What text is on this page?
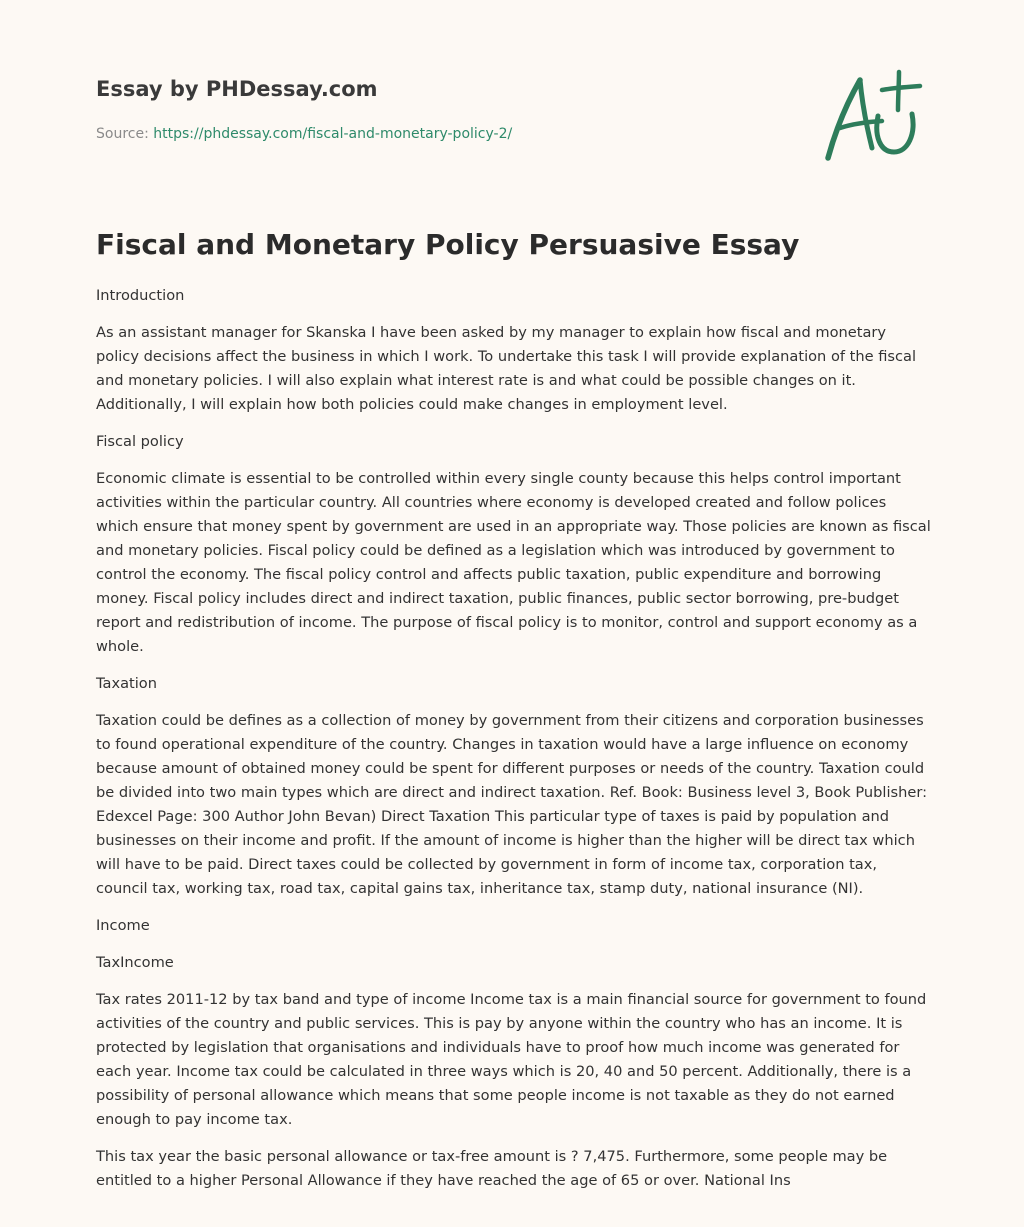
Essay by PHDessay.com

Source: https://phdessay.com/fiscal-and-monetary-policy-2/
Fiscal and Monetary Policy Persuasive Essay

Introduction

As an assistant manager for Skanska I have been asked by my manager to explain how fiscal and monetary policy decisions affect the business in which I work. To undertake this task I will provide explanation of the fiscal and monetary policies. I will also explain what interest rate is and what could be possible changes on it. Additionally, I will explain how both policies could make changes in employment level.

Fiscal policy

Economic climate is essential to be controlled within every single county because this helps control important activities within the particular country. All countries where economy is developed created and follow polices which ensure that money spent by government are used in an appropriate way. Those policies are known as fiscal and monetary policies. Fiscal policy could be defined as a legislation which was introduced by government to control the economy. The fiscal policy control and affects public taxation, public expenditure and borrowing money. Fiscal policy includes direct and indirect taxation, public finances, public sector borrowing, pre-budget report and redistribution of income. The purpose of fiscal policy is to monitor, control and support economy as a whole.

Taxation

Taxation could be defines as a collection of money by government from their citizens and corporation businesses to found operational expenditure of the country. Changes in taxation would have a large influence on economy because amount of obtained money could be spent for different purposes or needs of the country. Taxation could be divided into two main types which are direct and indirect taxation. Ref. Book: Business level 3, Book Publisher: Edexcel Page: 300 Author John Bevan) Direct Taxation This particular type of taxes is paid by population and businesses on their income and profit. If the amount of income is higher than the higher will be direct tax which will have to be paid. Direct taxes could be collected by government in form of income tax, corporation tax, council tax, working tax, road tax, capital gains tax, inheritance tax, stamp duty, national insurance (NI).

Income

TaxIncome

Tax rates 2011-12 by tax band and type of income Income tax is a main financial source for government to found activities of the country and public services. This is pay by anyone within the country who has an income. It is protected by legislation that organisations and individuals have to proof how much income was generated for each year. Income tax could be calculated in three ways which is 20, 40 and 50 percent. Additionally, there is a possibility of personal allowance which means that some people income is not taxable as they do not earned enough to pay income tax.

This tax year the basic personal allowance or tax-free amount is ? 7,475. Furthermore, some people may be entitled to a higher Personal Allowance if they have reached the age of 65 or over. National Ins
